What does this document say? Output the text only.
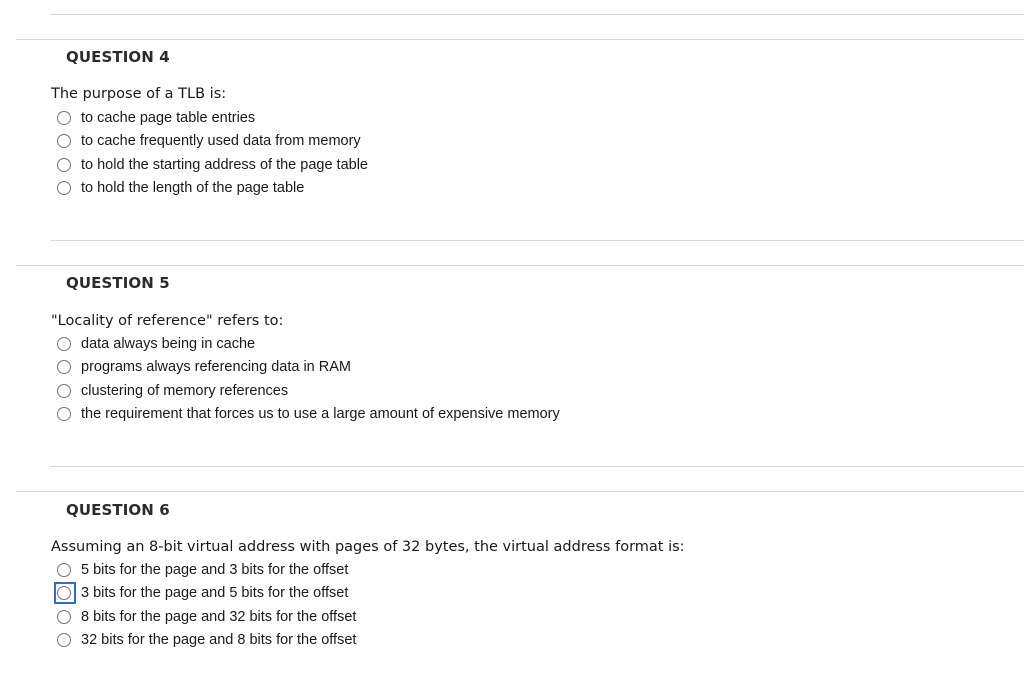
QUESTION 4
The purpose of a TLB is:
to cache page table entries
to cache frequently used data from memory
to hold the starting address of the page table
to hold the length of the page table
QUESTION 5
"Locality of reference" refers to:
data always being in cache
programs always referencing data in RAM
clustering of memory references
the requirement that forces us to use a large amount of expensive memory
QUESTION 6
Assuming an 8-bit virtual address with pages of 32 bytes, the virtual address format is:
5 bits for the page and 3 bits for the offset
3 bits for the page and 5 bits for the offset
8 bits for the page and 32 bits for the offset
32 bits for the page and 8 bits for the offset
